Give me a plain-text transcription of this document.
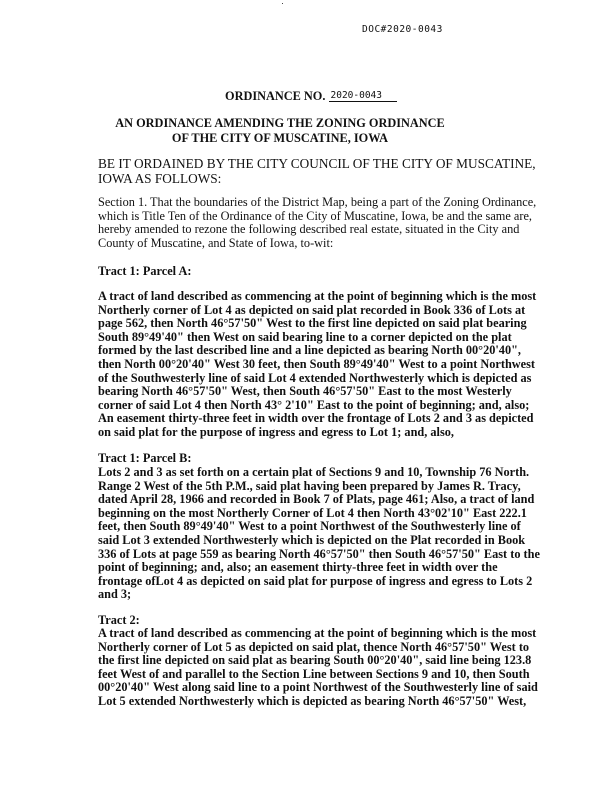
DOC#2020-0043
ORDINANCE NO. 2020-0043
AN ORDINANCE AMENDING THE ZONING ORDINANCE
OF THE CITY OF MUSCATINE, IOWA
BE IT ORDAINED BY THE CITY COUNCIL OF THE CITY OF MUSCATINE,
IOWA AS FOLLOWS:
Section 1. That the boundaries of the District Map, being a part of the Zoning Ordinance,
which is Title Ten of the Ordinance of the City of Muscatine, Iowa, be and the same are,
hereby amended to rezone the following described real estate, situated in the City and
County of Muscatine, and State of Iowa, to-wit:
Tract 1: Parcel A:
A tract of land described as commencing at the point of beginning which is the most
Northerly corner of Lot 4 as depicted on said plat recorded in Book 336 of Lots at
page 562, then North 46°57'50" West to the first line depicted on said plat bearing
South 89°49'40" then West on said bearing line to a corner depicted on the plat
formed by the last described line and a line depicted as bearing North 00°20'40",
then North 00°20'40" West 30 feet, then South 89°49'40" West to a point Northwest
of the Southwesterly line of said Lot 4 extended Northwesterly which is depicted as
bearing North 46°57'50" West, then South 46°57'50" East to the most Westerly
corner of said Lot 4 then North 43° 2'10" East to the point of beginning; and, also;
An easement thirty-three feet in width over the frontage of Lots 2 and 3 as depicted
on said plat for the purpose of ingress and egress to Lot 1; and, also,
Tract 1: Parcel B:
Lots 2 and 3 as set forth on a certain plat of Sections 9 and 10, Township 76 North.
Range 2 West of the 5th P.M., said plat having been prepared by James R. Tracy,
dated April 28, 1966 and recorded in Book 7 of Plats, page 461; Also, a tract of land
beginning on the most Northerly Corner of Lot 4 then North 43°02'10" East 222.1
feet, then South 89°49'40" West to a point Northwest of the Southwesterly line of
said Lot 3 extended Northwesterly which is depicted on the Plat recorded in Book
336 of Lots at page 559 as bearing North 46°57'50" then South 46°57'50" East to the
point of beginning; and, also; an easement thirty-three feet in width over the
frontage ofLot 4 as depicted on said plat for purpose of ingress and egress to Lots 2
and 3;
Tract 2:
A tract of land described as commencing at the point of beginning which is the most
Northerly corner of Lot 5 as depicted on said plat, thence North 46°57'50" West to
the first line depicted on said plat as bearing South 00°20'40", said line being 123.8
feet West of and parallel to the Section Line between Sections 9 and 10, then South
00°20'40" West along said line to a point Northwest of the Southwesterly line of said
Lot 5 extended Northwesterly which is depicted as bearing North 46°57'50" West,
